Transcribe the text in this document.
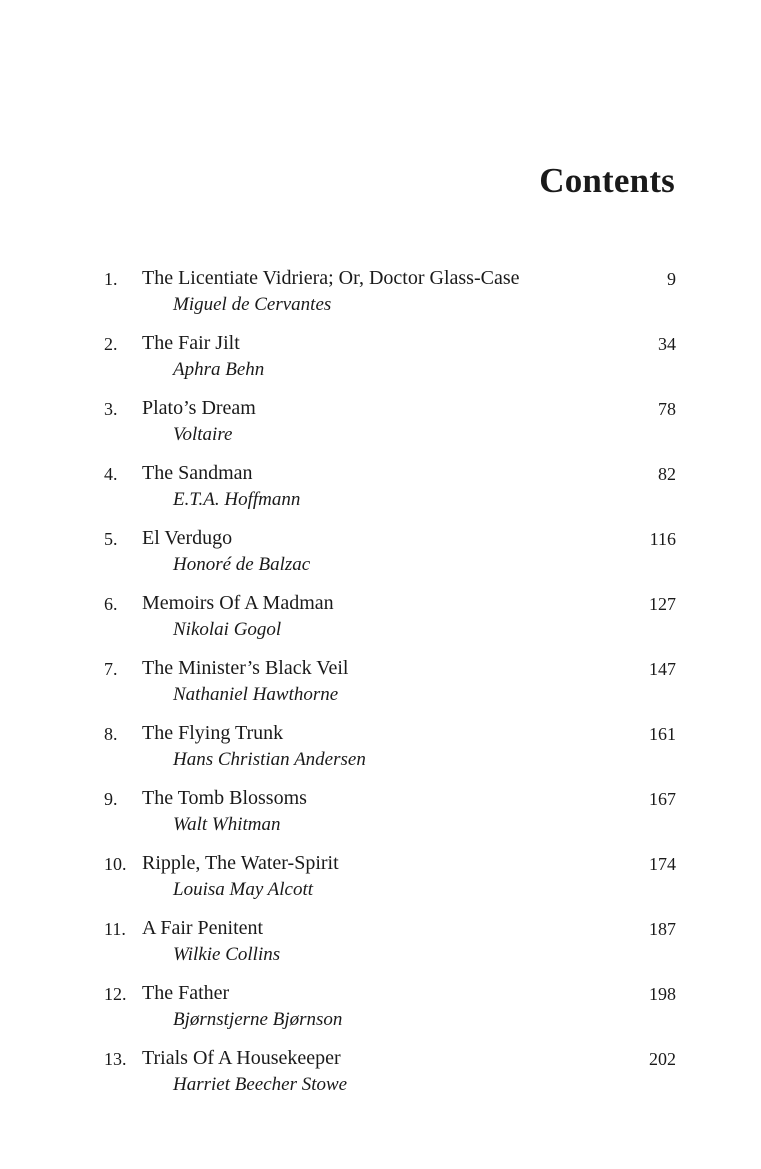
Contents
1. The Licentiate Vidriera; Or, Doctor Glass-Case
Miguel de Cervantes
9
2. The Fair Jilt
Aphra Behn
34
3. Plato’s Dream
Voltaire
78
4. The Sandman
E.T.A. Hoffmann
82
5. El Verdugo
Honoré de Balzac
116
6. Memoirs Of A Madman
Nikolai Gogol
127
7. The Minister’s Black Veil
Nathaniel Hawthorne
147
8. The Flying Trunk
Hans Christian Andersen
161
9. The Tomb Blossoms
Walt Whitman
167
10. Ripple, The Water-Spirit
Louisa May Alcott
174
11. A Fair Penitent
Wilkie Collins
187
12. The Father
Bjørnstjerne Bjørnson
198
13. Trials Of A Housekeeper
Harriet Beecher Stowe
202
